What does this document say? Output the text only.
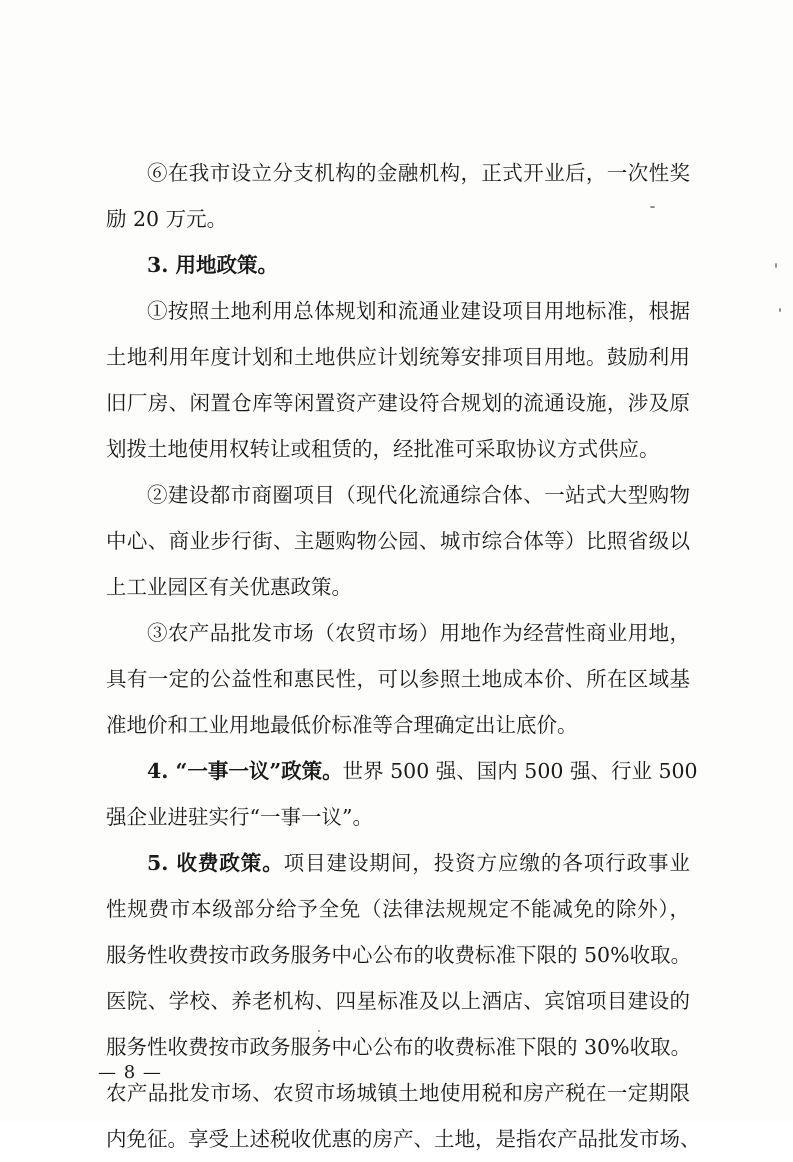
⑥在我市设立分支机构的金融机构，正式开业后，一次性奖
励 20 万元。
3. 用地政策。
①按照土地利用总体规划和流通业建设项目用地标准，根据
土地利用年度计划和土地供应计划统筹安排项目用地。鼓励利用
旧厂房、闲置仓库等闲置资产建设符合规划的流通设施，涉及原
划拨土地使用权转让或租赁的，经批准可采取协议方式供应。
②建设都市商圈项目（现代化流通综合体、一站式大型购物
中心、商业步行街、主题购物公园、城市综合体等）比照省级以
上工业园区有关优惠政策。
③农产品批发市场（农贸市场）用地作为经营性商业用地，
具有一定的公益性和惠民性，可以参照土地成本价、所在区域基
准地价和工业用地最低价标准等合理确定出让底价。
4. “一事一议”政策。世界 500 强、国内 500 强、行业 500
强企业进驻实行“一事一议”。
5. 收费政策。项目建设期间，投资方应缴的各项行政事业
性规费市本级部分给予全免（法律法规规定不能减免的除外），
服务性收费按市政务服务中心公布的收费标准下限的 50%收取。
医院、学校、养老机构、四星标准及以上酒店、宾馆项目建设的
服务性收费按市政务服务中心公布的收费标准下限的 30%收取。
农产品批发市场、农贸市场城镇土地使用税和房产税在一定期限
内免征。享受上述税收优惠的房产、土地，是指农产品批发市场、
— 8 —
